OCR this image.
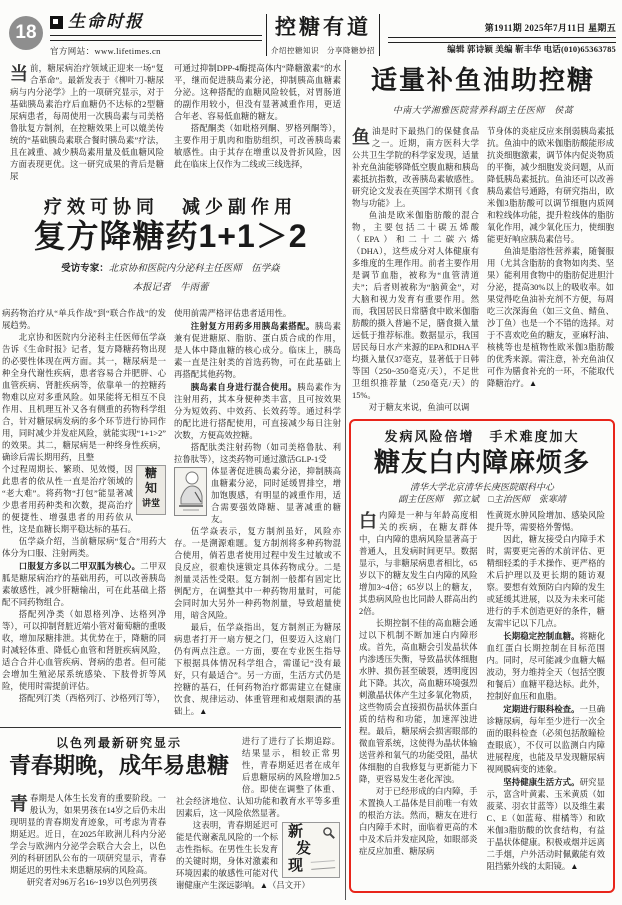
18
生命时报
官方网站：www.lifetimes.cn
控糖有道
介绍控糖知识　分享降糖妙招
第1911期 2025年7月11日 星期五
编辑 郭诗颖 美编 靳丰华 电话(010)65363785

当前，糖尿病治疗领域正迎来一场“复合革命”。最新发表于《柳叶刀-糖尿病与内分泌学》上的一项研究显示，对于基础胰岛素治疗后血糖仍不达标的2型糖尿病患者，每周使用一次胰岛素与司美格鲁肽复方制剂，在控糖效果上可以媲美传统的“基础胰岛素联合餐时胰岛素”疗法，且在减重、减少胰岛素用量及低血糖风险方面表现更优。这一研究成果的背后是糖尿

可通过抑制DPP-4酶提高体内“降糖激素”的水平，继而促进胰岛素分泌，抑制胰高血糖素分泌。这种搭配的血糖风险较低，对胃肠道的副作用较小，但没有显著减重作用，更适合年老、容易低血糖的糖友。

搭配酮类（如吡格列酮、罗格列酮等），主要作用于肌肉和脂肪组织，可改善胰岛素敏感性。由于其存在增重以及骨折风险，因此在临床上仅作为二线或三线选择，

疗效可协同　减少副作用
复方降糖药1+1＞2
受访专家：北京协和医院内分泌科主任医师　伍学焱
本报记者　牛雨蕾

病药物治疗从“单兵作战”到“联合作战”的发展趋势。

北京协和医院内分泌科主任医师伍学焱告诉《生命时报》记者，复方降糖药物出现的必要性体现在两方面。其一，糖尿病是一种全身代谢性疾病，患者容易合并肥胖、心血管疾病、肾脏疾病等，依靠单一的控糖药物难以应对多重风险。如果能将无相互不良作用、且机理互补又各有侧重的药物科学组合，针对糖尿病发病的多个环节进行协同作用，同时减少并发症风险，就能实现“1+1>2”的效果。其二，糖尿病是一种终身性疾病，确诊后需长期用药，且整

糖
知
讲堂

个过程周期长、繁琐、见效慢，因此患者的依从性一直是治疗领域的“老大难”。将药物“打包”能显著减少患者用药种类和次数，提高治疗的便捷性、增强患者的用药依从性，这是血糖长期平稳达标的基石。

伍学焱介绍，当前糖尿病“复合”用药大体分为口服、注射两类。

口服复方多以二甲双胍为核心。二甲双胍是糖尿病治疗的基础用药，可以改善胰岛素敏感性，减少肝糖输出，可在此基础上搭配不同药物组合。

搭配列净类（如恩格列净、达格列净等），可以抑制肾脏近端小管对葡萄糖的重吸收，增加尿糖排泄。其优势在于，降糖的同时减轻体重、降低心血管和肾脏疾病风险，适合合并心血管疾病、肾病的患者。但可能会增加生殖泌尿系统感染、下肢骨折等风险，使用时需提前评估。

搭配列汀类（西格列汀、沙格列汀等），

使用前需严格评估患者适用性。

注射复方用药多用胰岛素搭配。胰岛素兼有促进糖原、脂肪、蛋白质合成的作用，是人体中降血糖的核心成分。临床上，胰岛素一直是注射类的首选药物，可在此基础上再搭配其他药物。

胰岛素自身进行混合使用。胰岛素作为注射用药，其本身便种类丰富，且可按效果分为短效药、中效药、长效药等。通过科学的配比进行搭配使用，可直接减少每日注射次数，方便高效控糖。

搭配肽类注射药物（如司美格鲁肽、利拉鲁肽等），这类药物可通过激活GLP-1受

体显著促进胰岛素分泌，抑制胰高血糖素分泌，同时延缓胃排空，增加饱腹感，有明显的减重作用，适合需要强效降糖、显著减重的糖友。

伍学焱表示，复方制剂虽好，风险亦存。一是溯源难题。复方制剂将多种药物混合使用，倘若患者使用过程中发生过敏或不良反应，很难快速锁定具体药物成分。二是剂量灵活性受限。复方制剂一般都有固定比例配方，在调整其中一种药物用量时，可能会同时加大另外一种药物剂量，导致超量使用，暗含风险。

最后，伍学焱指出，复方制剂正为糖尿病患者打开一扇方便之门，但要迈入这扇门仍有两点注意。一方面，要在专业医生指导下根据具体情况科学组合，需谨记“没有最好，只有最适合”。另一方面，生活方式仍是控糖的基石，任何药物治疗都需建立在健康饮食、规律运动、体重管理和戒烟限酒的基础上。▲

以色列最新研究显示
青春期晚，成年易患糖

青春期是人体生长发育的重要阶段。一般认为，如果男孩在14岁之后仍未出现明显的青春期发育迹象，可考虑为青春期延迟。近日，在2025年欧洲儿科内分泌学会与欧洲内分泌学会联合大会上，以色列的科研团队公布的一项研究显示，青春期延迟的男性未来患糖尿病的风险高。

研究者对96万名16~19岁以色列男孩

进行了进行了长期追踪。结果显示，相较正常男性，青春期延迟者在成年后患糖尿病的风险增加2.5倍。即使在调整了体重、社会经济地位、认知功能和教育水平等多重因素后，这一风险依然显著。

新
发
现

这表明，青春期延迟可能是代谢紊乱风险的一个标志性指标。在男性生长发育的关键时期，身体对激素和环境因素的敏感性可能对代谢健康产生深远影响。▲（吕文开）

适量补鱼油助控糖
中南大学湘雅医院营养科副主任医师　侯蒿

鱼油是时下最热门的保健食品之一。近期，南方医科大学公共卫生学院的科学家发现，适量补充鱼油能够降低空腹血糖和胰岛素抵抗指数，改善胰岛素敏感性。研究论文发表在英国学术期刊《食物与功能》上。

鱼油是欧米伽脂肪酸的混合物，主要包括二十碳五烯酸（EPA）和二十二碳六烯（DHA），这些成分对人体健康有多维度的生理作用。前者主要作用是调节血脂，被称为“血管清道夫”；后者则被称为“脑黄金”，对大脑和视力发育有重要作用。然而，我国居民日常膳食中欧米伽脂肪酸的摄入普遍不足，膳食摄入量远低于推荐标准。数据显示，我国居民每日水产来源的EPA和DHA平均摄入量仅37毫克，显著低于日韩等国（250~350毫克/天），不足世卫组织推荐量（250毫克/天）的15%。

对于糖友来说，鱼油可以调

节身体的炎症反应来削弱胰岛素抵抗。鱼油中的欧米伽脂肪酸能形成抗炎细胞激素，调节体内促炎物质的平衡，减少细胞发炎问题，从而降低胰岛素抵抗。鱼油还可以改善胰岛素信号通路，有研究指出，欧米伽3脂肪酸可以调节细胞内质网和粒线体功能，提升粒线体的脂肪氧化作用，减少氧化压力，使细胞能更好响应胰岛素信号。

鱼油是脂溶性营养素，随餐服用（尤其含脂肪的食物如肉类、坚果）能利用食物中的脂肪促进胆汁分泌，提高30%以上的吸收率。如果觉得吃鱼油补充剂不方便，每周吃三次深海鱼（如三文鱼、鲭鱼、沙丁鱼）也是一个不错的选择。对于不喜欢吃鱼的糖友，亚麻籽油、核桃等也是植物性欧米伽3脂肪酸的优秀来源。需注意，补充鱼油仅可作为膳食补充的一环，不能取代降糖治疗。▲

发病风险倍增　手术难度加大
糖友白内障麻烦多
清华大学北京清华长庚医院眼科中心
副主任医师　郭立斌　□主治医师　张寒靖

白内障是一种与年龄高度相关的疾病，在糖友群体中，白内障的患病风险显著高于普通人，且发病时间更早。数据显示，与非糖尿病患者相比，65岁以下的糖友发生白内障的风险增加3~4倍；65岁以上的糖友，其患病风险也比同龄人群高出约2倍。

长期控制不佳的高血糖会通过以下机制不断加速白内障形成。首先，高血糖会引发晶状体内渗透压失衡，导致晶状体细胞水肿、损伤甚至破裂，透明度因此下降。其次，高血糖环境强烈刺激晶状体产生过多氧化物质，这些物质会直接损伤晶状体蛋白质的结构和功能，加速浑浊进程。最后，糖尿病会损害眼部的微血管系统，这使得为晶状体输送营养和氧气的功能受阻，晶状体细胞的自我修复与更新能力下降，更容易发生老化浑浊。

对于已经形成的白内障，手术置换人工晶体是目前唯一有效的根治方法。然而，糖友在进行白内障手术时，面临着更高的术中及术后并发症风险，如眼部炎症反应加重、糖尿病

性黄斑水肿风险增加、感染风险提升等，需要格外警惕。

因此，糖友接受白内障手术时，需要更完善的术前评估、更精细轻柔的手术操作、更严格的术后护理以及更长期的随访观察。要想有效预防白内障的发生或延缓其进展，以及为未来可能进行的手术创造更好的条件，糖友需牢记以下几点。

长期稳定控制血糖。将糖化血红蛋白长期控制在目标范围内。同时，尽可能减少血糖大幅波动，努力维持全天（包括空腹和餐后）血糖平稳达标。此外，控制好血压和血脂。

定期进行眼科检查。一旦确诊糖尿病，每年至少进行一次全面的眼科检查（必须包括散瞳检查眼底），不仅可以监测白内障进展程度，也能及早发现糖尿病视网膜病变的迹象。

坚持健康生活方式。研究显示，富含叶黄素、玉米黄质（如菠菜、羽衣甘蓝等）以及维生素C、E（如蓝莓、柑橘等）和欧米伽3脂肪酸的饮食结构，有益于晶状体健康。积极戒烟并远离二手烟，户外活动时佩戴能有效阻挡紫外线的太阳镜。▲
